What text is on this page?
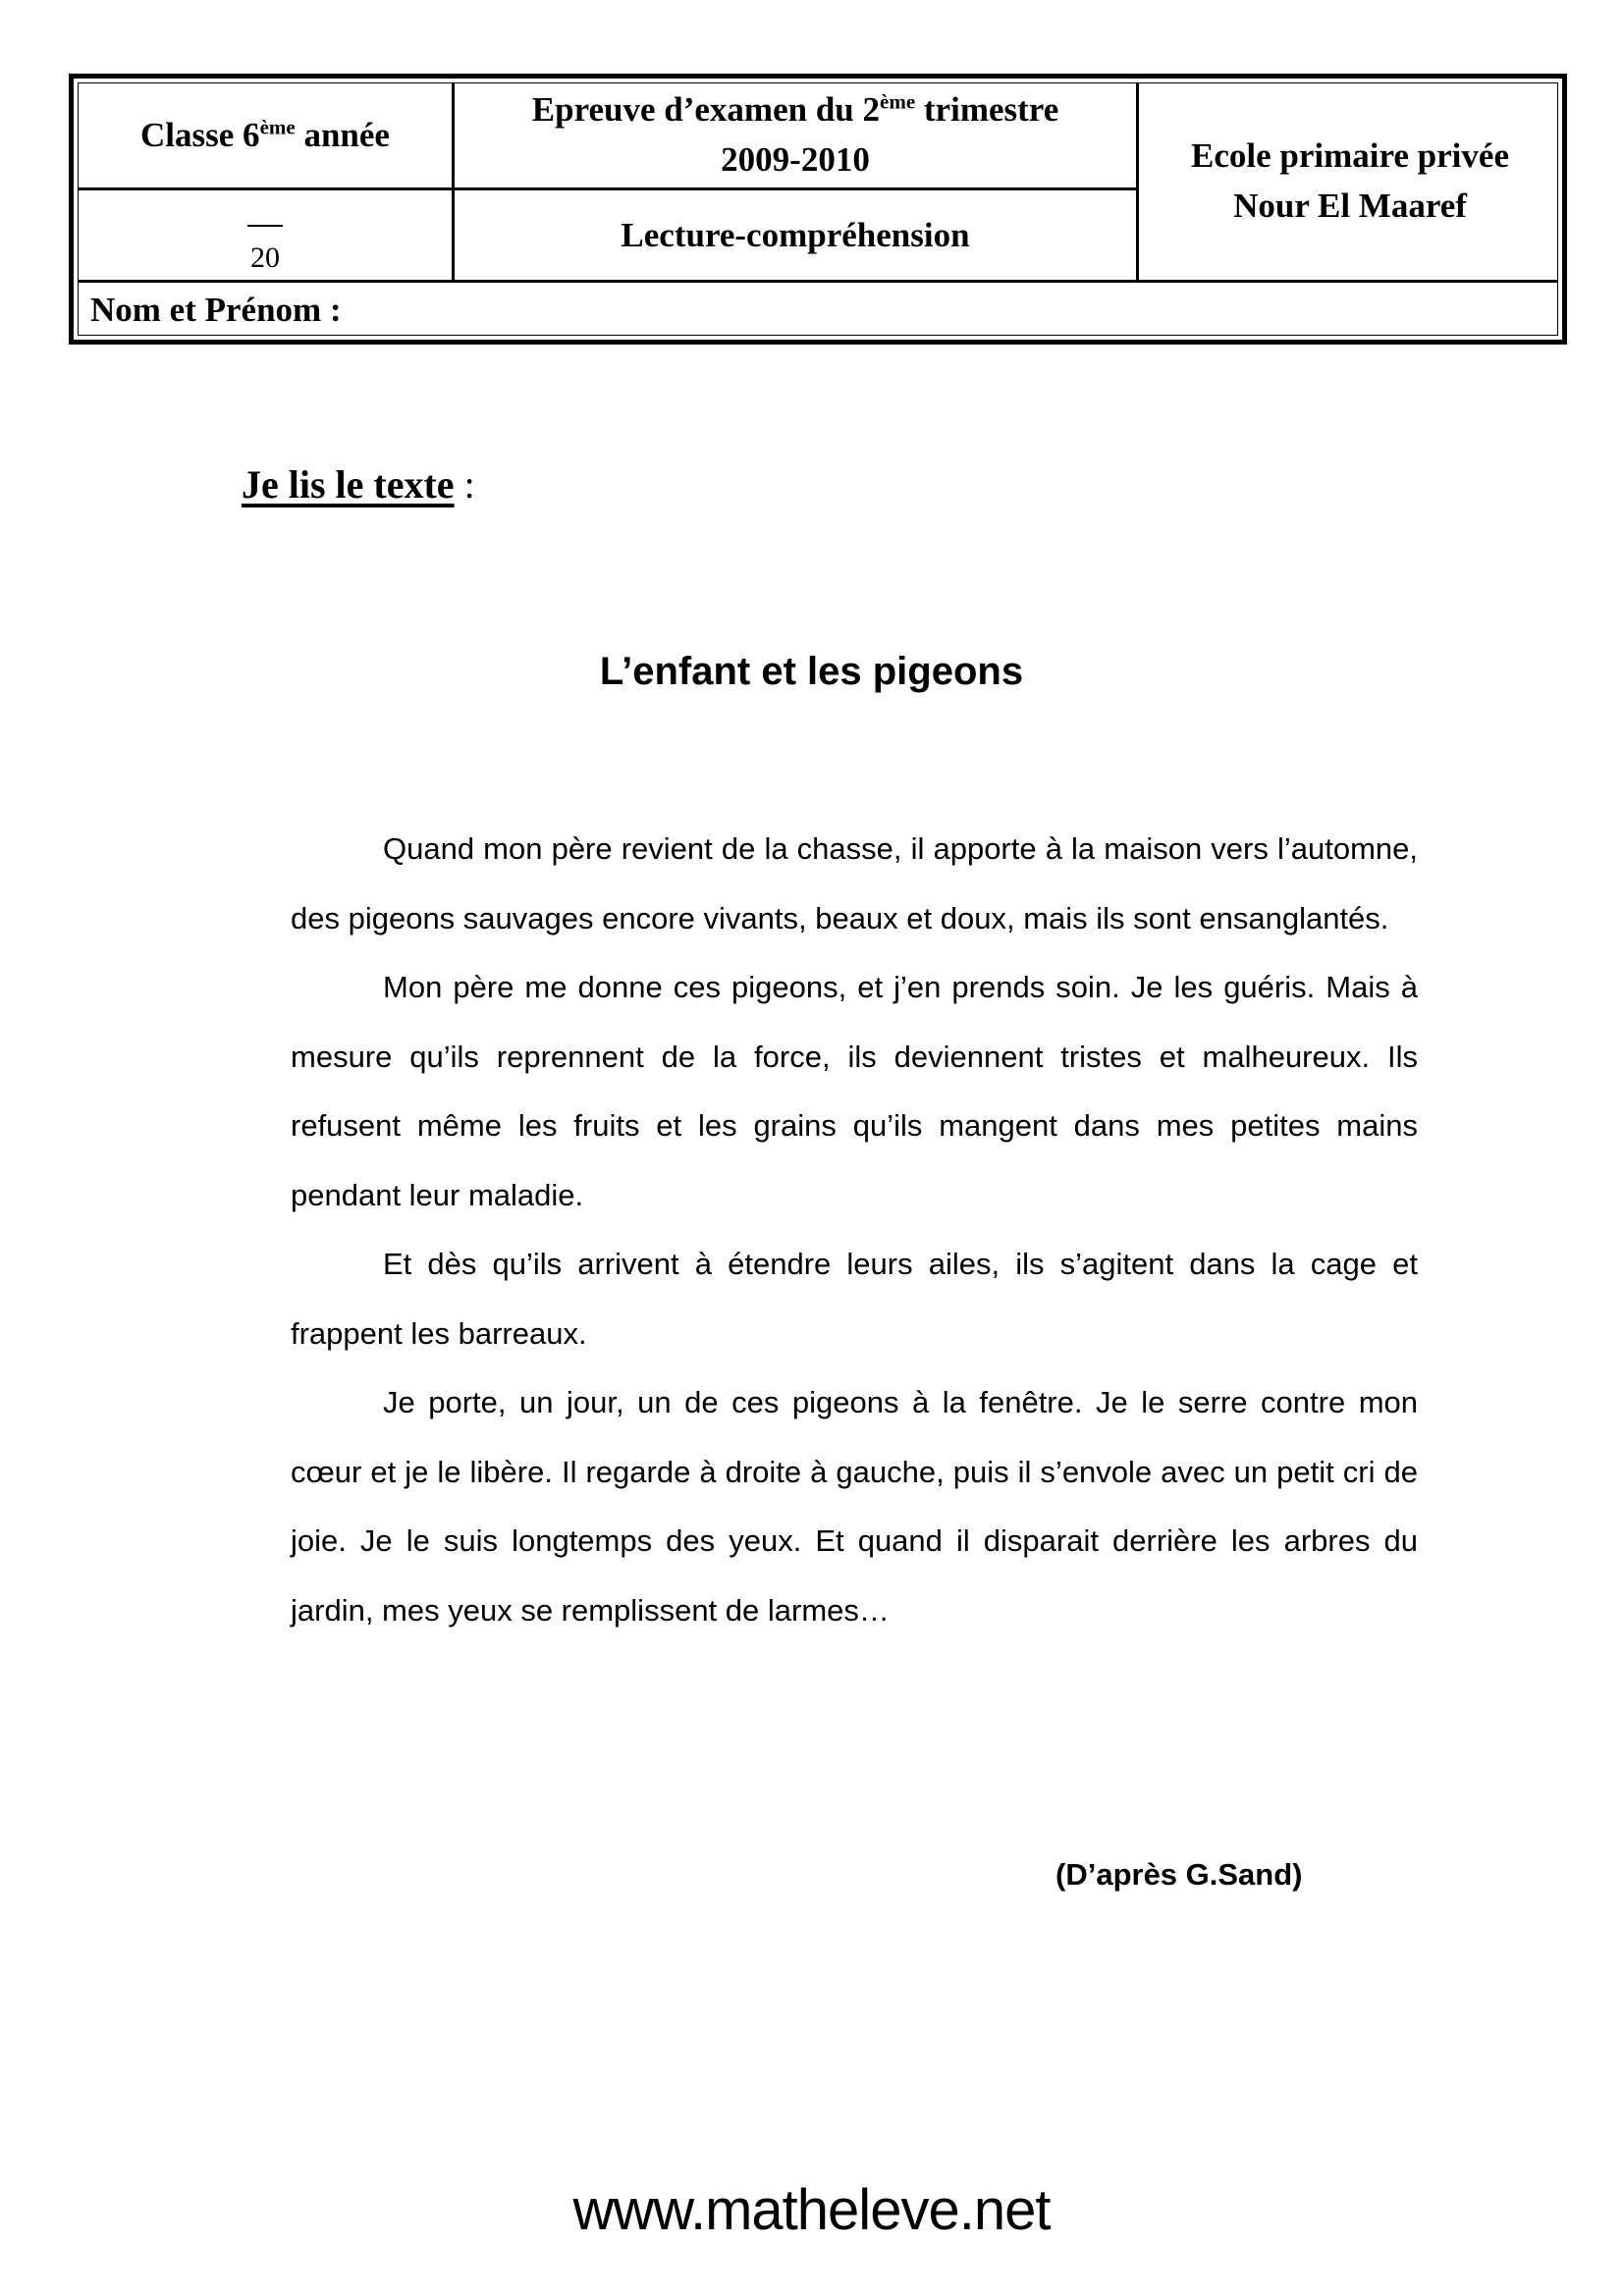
Classe 6ème année
Epreuve d’examen du 2ème trimestre
2009-2010	Ecole primaire privée
Nour El Maaref
20
Lecture-compréhension
Nom et Prénom :
Je lis le texte :
L’enfant et les pigeons

Quand mon père revient de la chasse, il apporte à la maison vers l’automne, des pigeons sauvages encore vivants, beaux et doux, mais ils sont ensanglantés.

Mon père me donne ces pigeons, et j’en prends soin. Je les guéris. Mais à mesure qu’ils reprennent de la force, ils deviennent tristes et malheureux. Ils refusent même les fruits et les grains qu’ils mangent dans mes petites mains pendant leur maladie.

Et dès qu’ils arrivent à étendre leurs ailes, ils s’agitent dans la cage et frappent les barreaux.

Je porte, un jour, un de ces pigeons à la fenêtre. Je le serre contre mon cœur et je le libère. Il regarde à droite à gauche, puis il s’envole avec un petit cri de joie. Je le suis longtemps des yeux. Et quand il disparait derrière les arbres du jardin, mes yeux se remplissent de larmes…

(D’après G.Sand)
www.matheleve.net
